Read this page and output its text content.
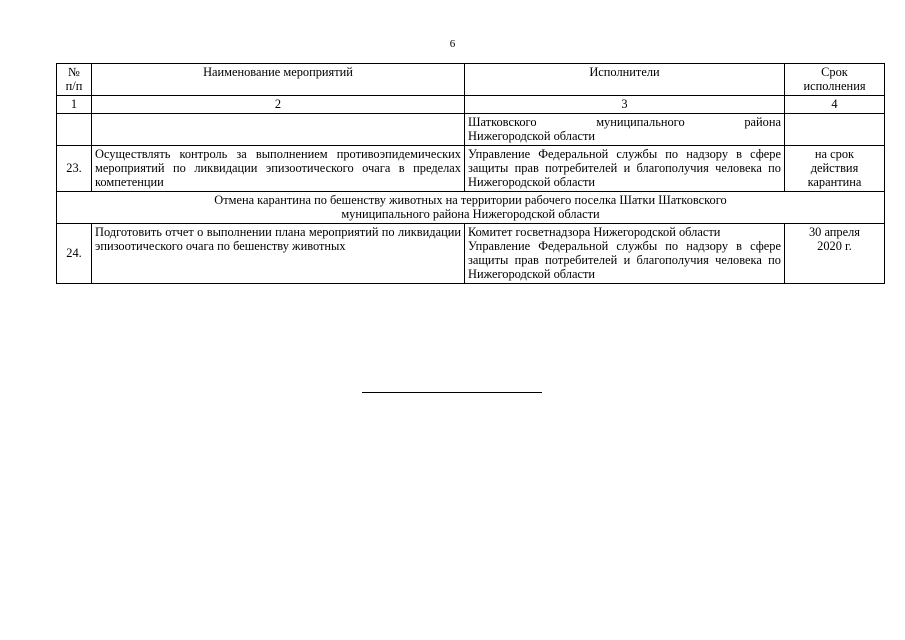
6
№
п/п	Наименование мероприятий	Исполнители	Срок
исполнения

1	2	3	4

		Шатковского муниципального района
Нижегородской области	

23.	Осуществлять контроль за выполнением противоэпидемических мероприятий по ликвидации эпизоотического очага в пределах компетенции	Управление Федеральной службы по надзору в сфере защиты прав потребителей и благополучия человека по Нижегородской области	на срок
действия
карантина

Отмена карантина по бешенству животных на территории рабочего поселка Шатки Шатковского
муниципального района Нижегородской области			

24.	Подготовить отчет о выполнении плана мероприятий по ликвидации эпизоотического очага по бешенству животных	Комитет госветнадзора Нижегородской области
Управление Федеральной службы по надзору в сфере защиты прав потребителей и благополучия человека по Нижегородской области	30 апреля
2020 г.
